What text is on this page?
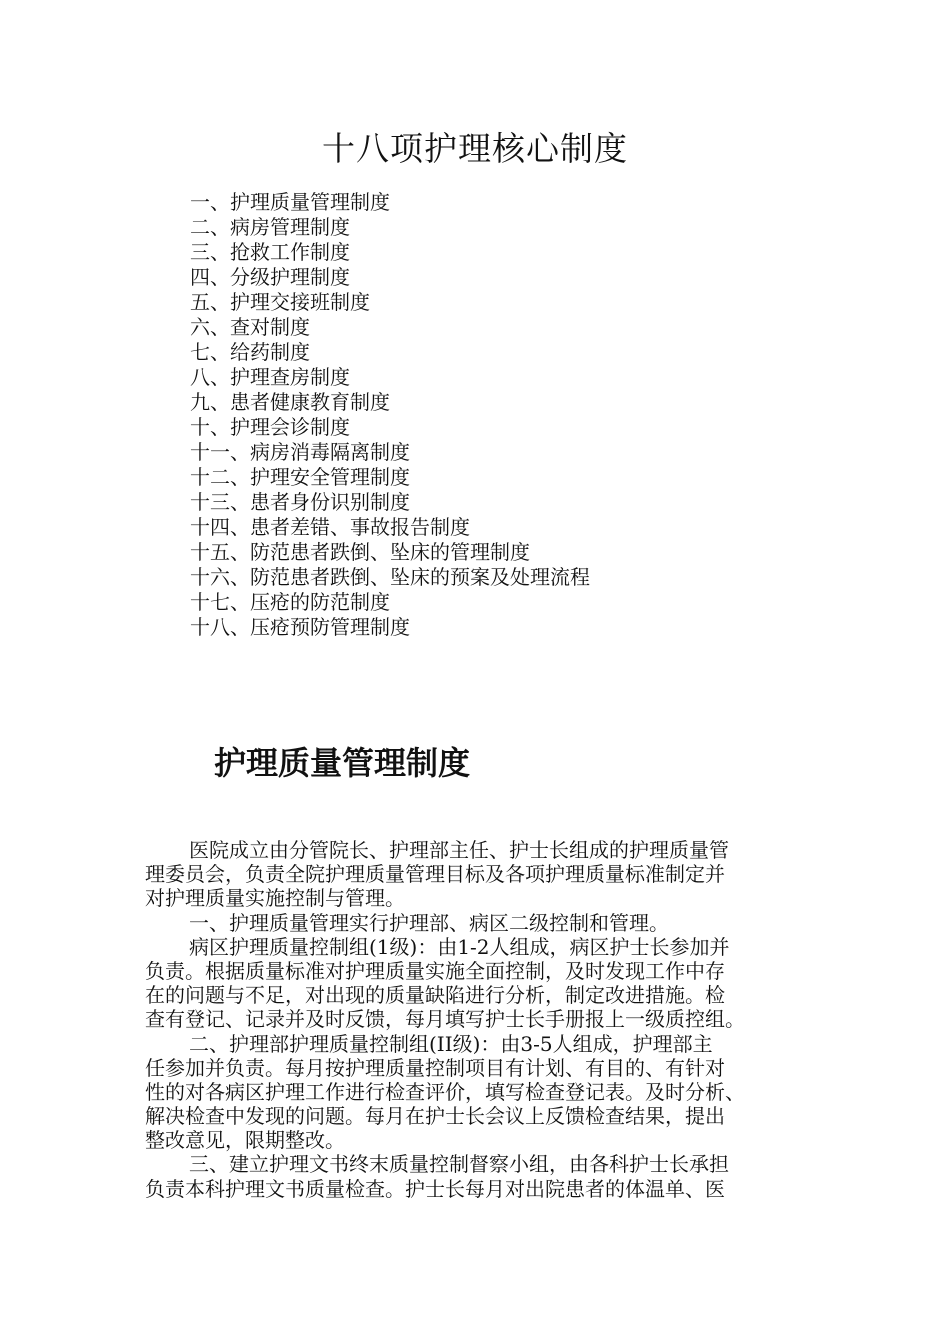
十八项护理核心制度
一、护理质量管理制度
二、病房管理制度
三、抢救工作制度
四、分级护理制度
五、护理交接班制度
六、查对制度
七、给药制度
八、护理查房制度
九、患者健康教育制度
十、护理会诊制度
十一、病房消毒隔离制度
十二、护理安全管理制度
十三、患者身份识别制度
十四、患者差错、事故报告制度
十五、防范患者跌倒、坠床的管理制度
十六、防范患者跌倒、坠床的预案及处理流程
十七、压疮的防范制度
十八、压疮预防管理制度
护理质量管理制度
医院成立由分管院长、护理部主任、护士长组成的护理质量管
理委员会，负责全院护理质量管理目标及各项护理质量标准制定并
对护理质量实施控制与管理。
一、护理质量管理实行护理部、病区二级控制和管理。
病区护理质量控制组(1级)：由1-2人组成，病区护士长参加并
负责。根据质量标准对护理质量实施全面控制，及时发现工作中存
在的问题与不足，对出现的质量缺陷进行分析，制定改进措施。检
查有登记、记录并及时反馈，每月填写护士长手册报上一级质控组。
二、护理部护理质量控制组(II级)：由3-5人组成，护理部主
任参加并负责。每月按护理质量控制项目有计划、有目的、有针对
性的对各病区护理工作进行检查评价，填写检查登记表。及时分析、
解决检查中发现的问题。每月在护士长会议上反馈检查结果，提出
整改意见，限期整改。
三、建立护理文书终末质量控制督察小组，由各科护士长承担
负责本科护理文书质量检查。护士长每月对出院患者的体温单、医
